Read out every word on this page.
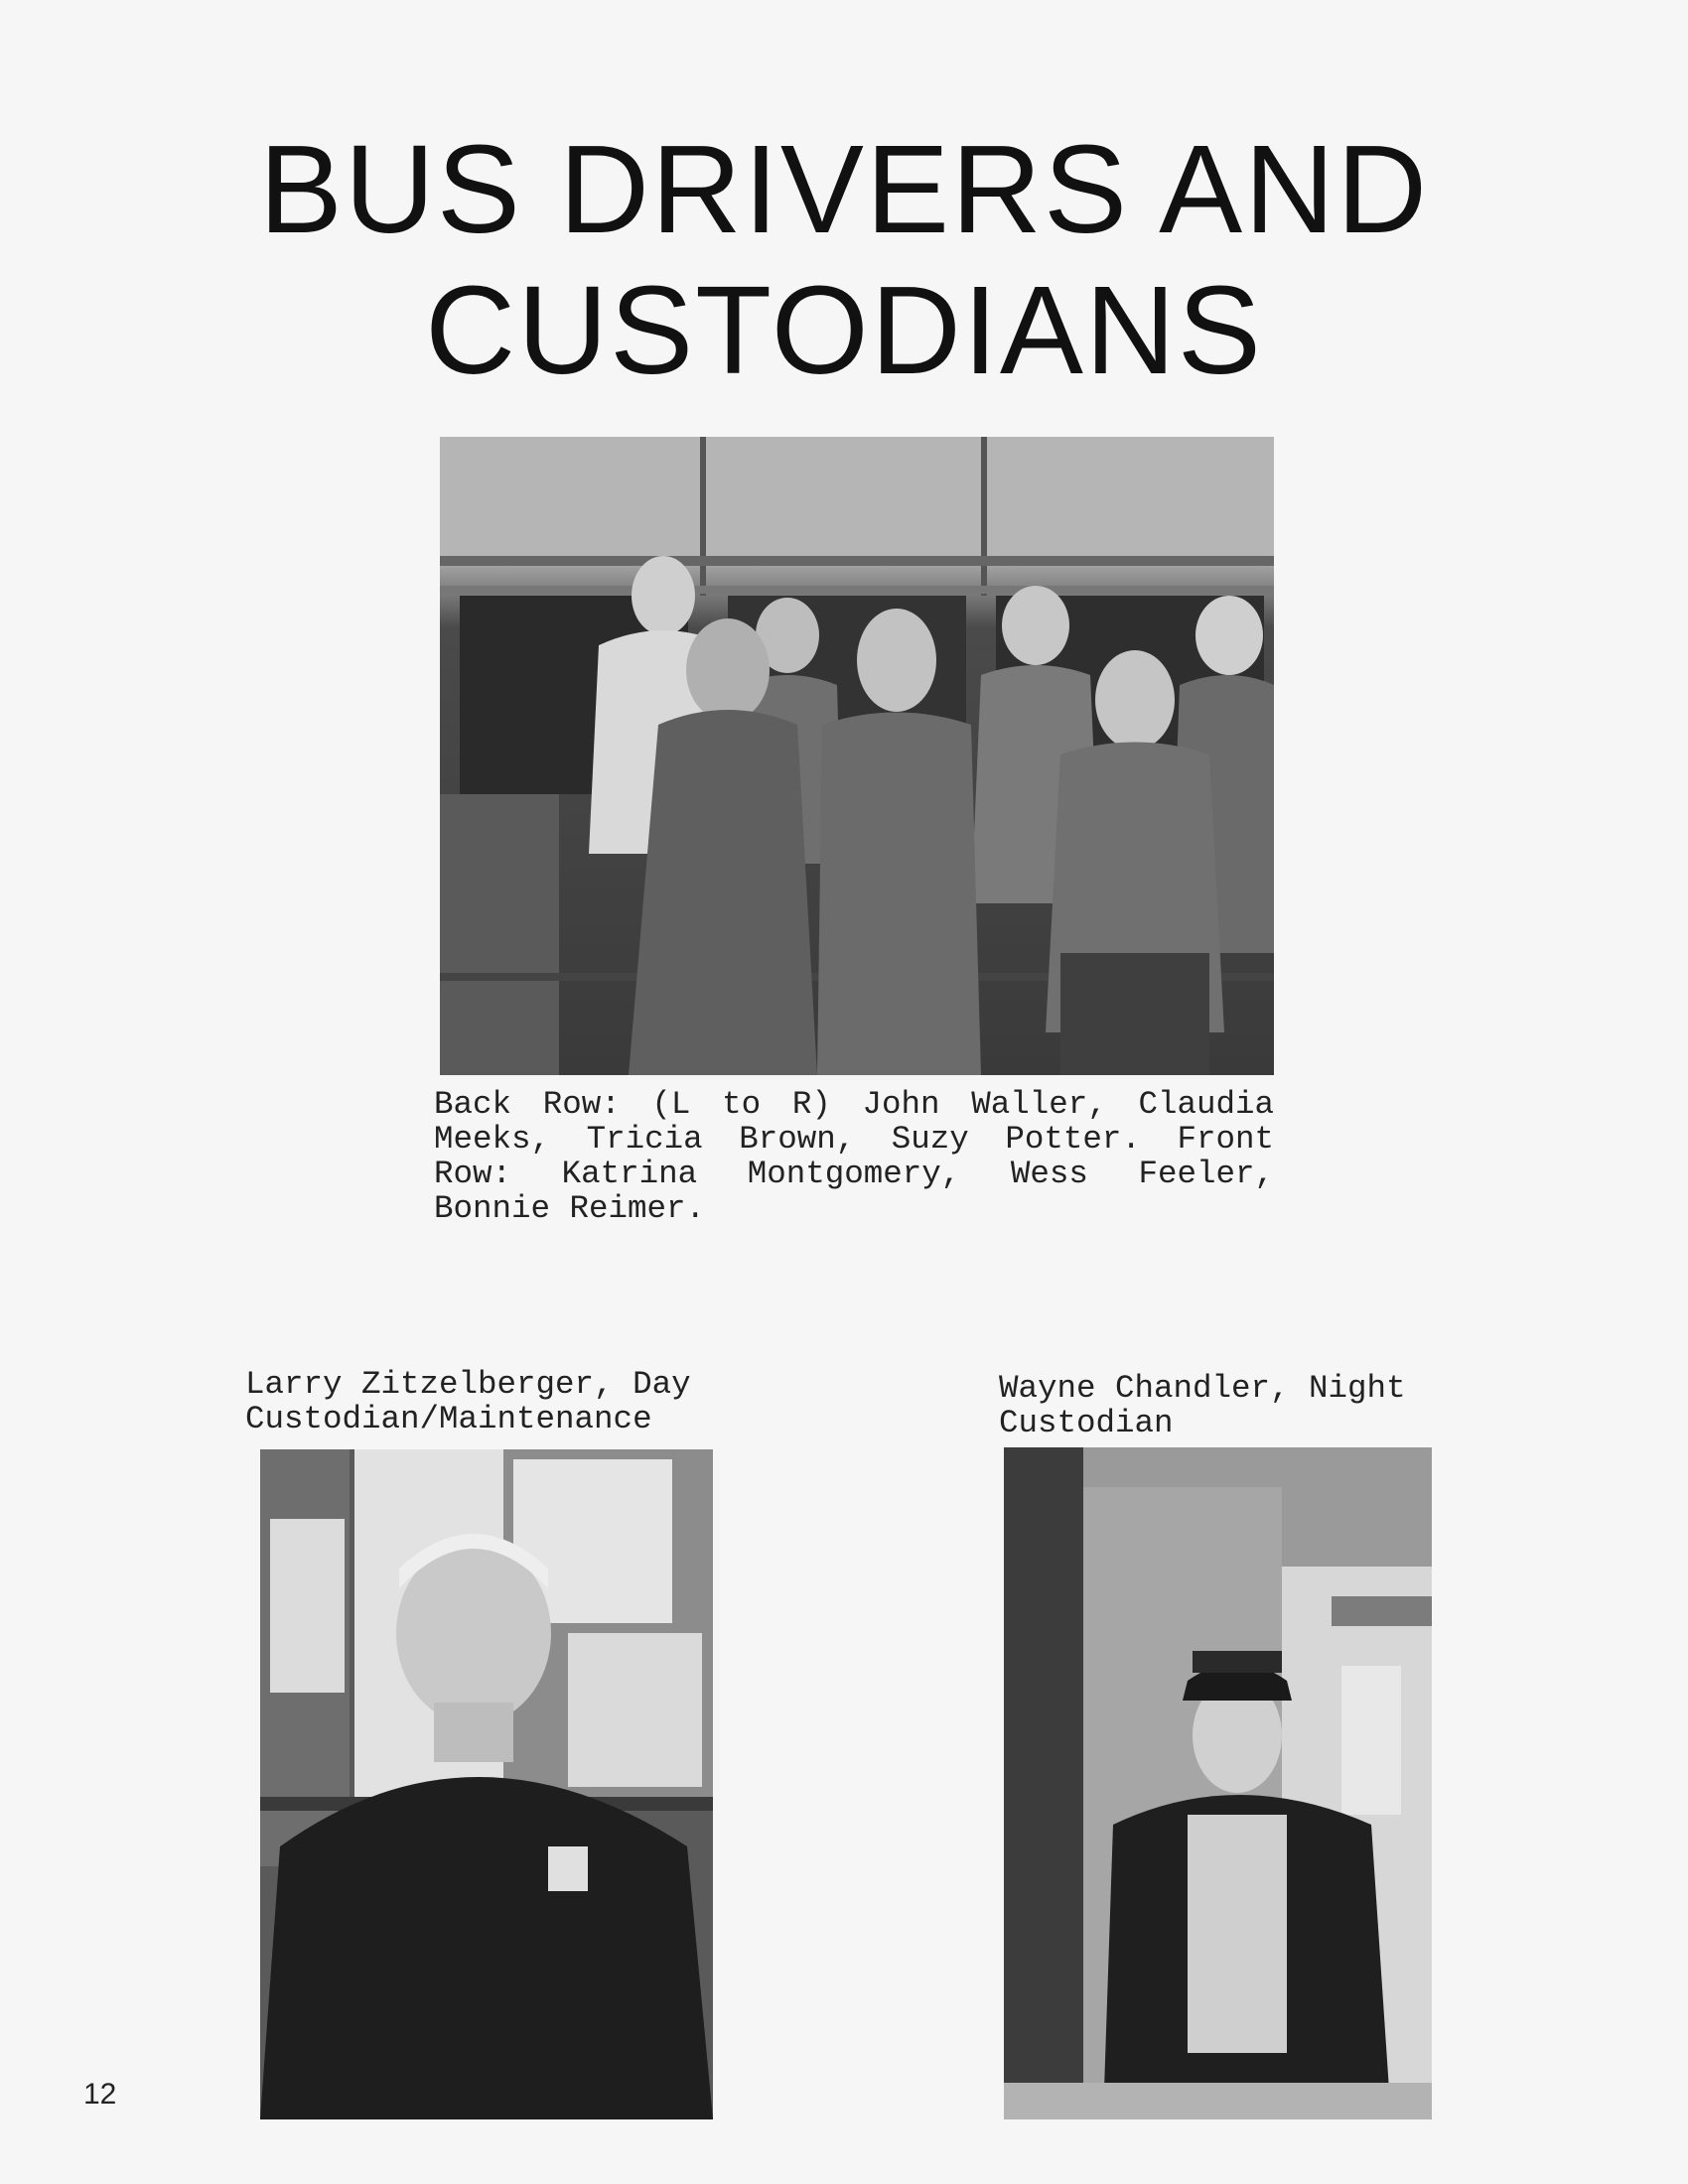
BUS DRIVERS AND
CUSTODIANS

Back Row: (L to R) John Waller, Claudia
Meeks, Tricia Brown, Suzy Potter. Front
Row: Katrina Montgomery, Wess Feeler,
Bonnie Reimer.

Larry Zitzelberger, Day
Custodian/Maintenance

Wayne Chandler, Night
Custodian

12
